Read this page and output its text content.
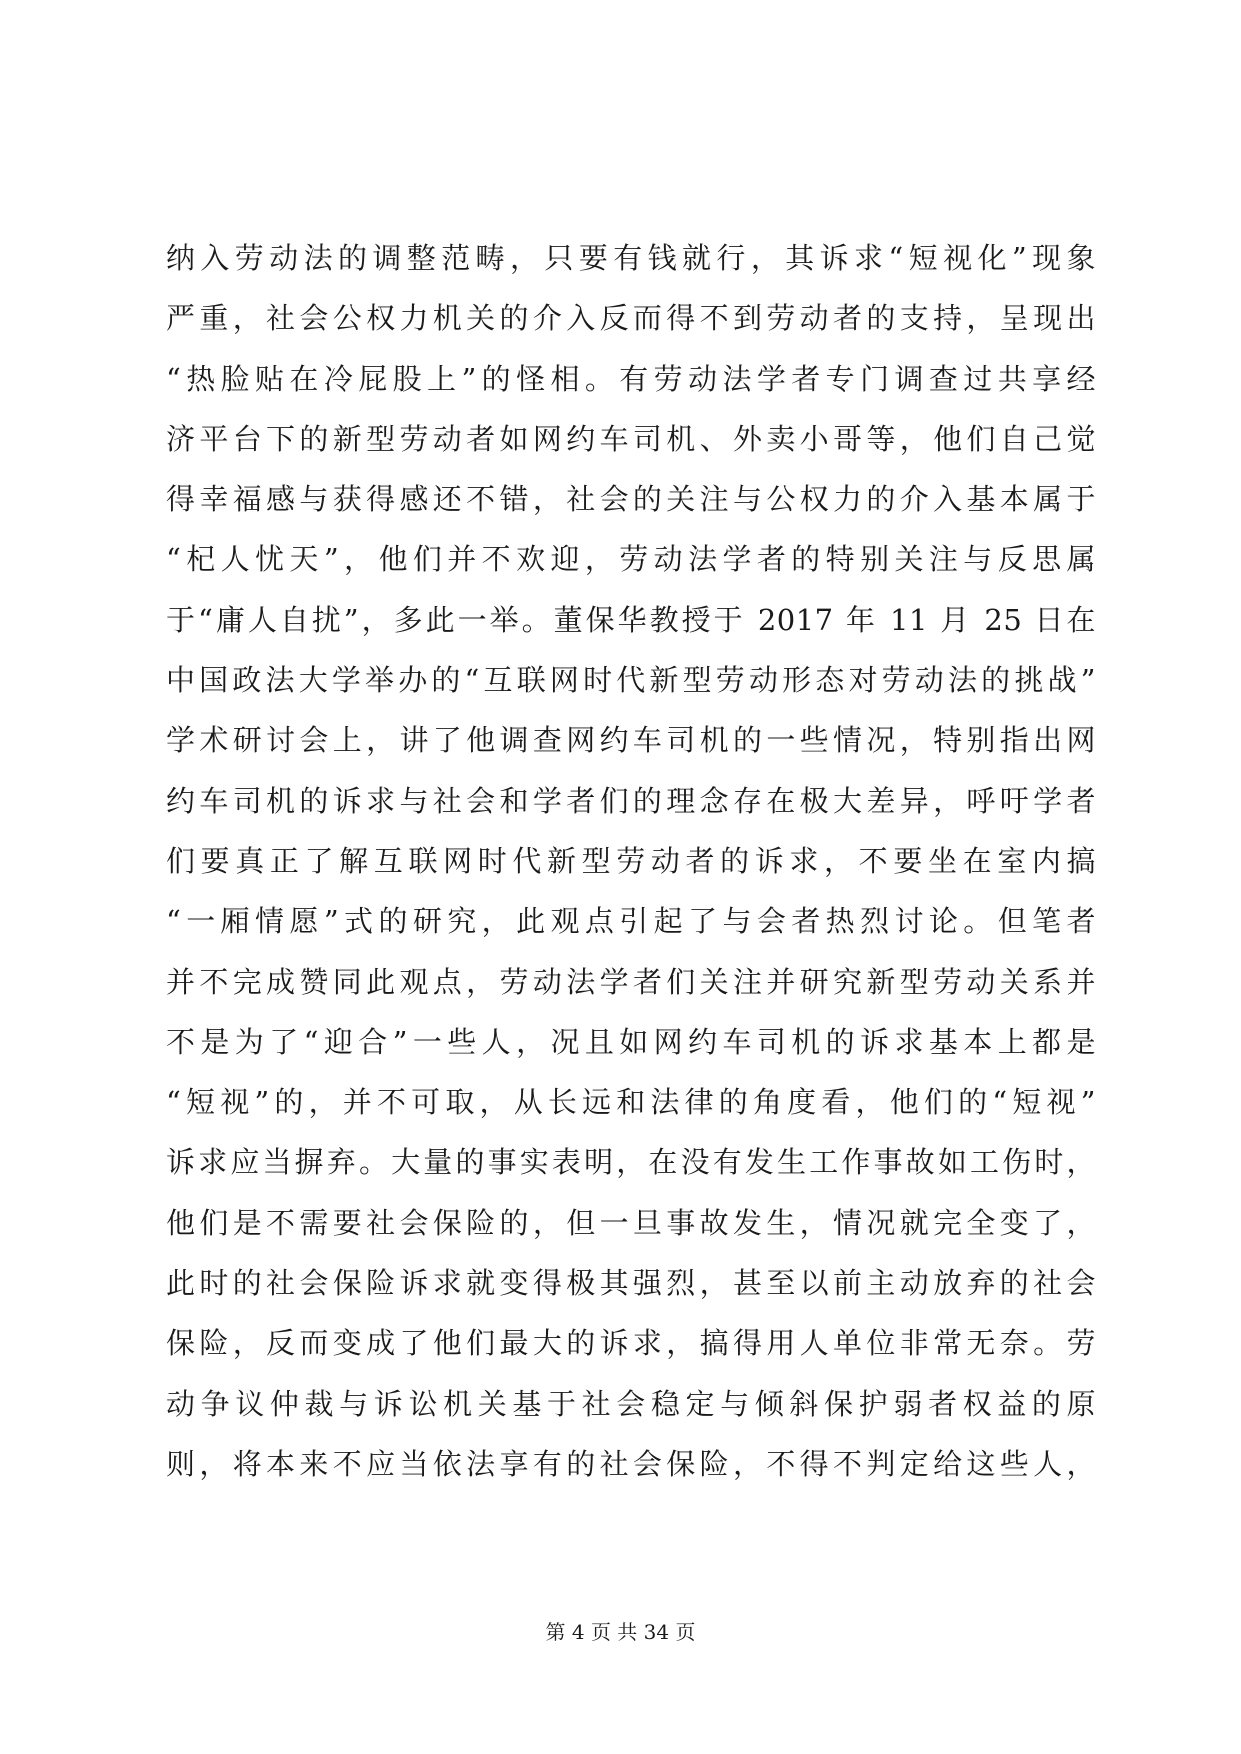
纳入劳动法的调整范畴，只要有钱就行，其诉求“短视化”现象
严重，社会公权力机关的介入反而得不到劳动者的支持，呈现出
“热脸贴在冷屁股上”的怪相。有劳动法学者专门调查过共享经
济平台下的新型劳动者如网约车司机、外卖小哥等，他们自己觉
得幸福感与获得感还不错，社会的关注与公权力的介入基本属于
“杞人忧天”，他们并不欢迎，劳动法学者的特别关注与反思属
于“庸人自扰”，多此一举。董保华教授于 2017 年 11 月 25 日在
中国政法大学举办的“互联网时代新型劳动形态对劳动法的挑战”
学术研讨会上，讲了他调查网约车司机的一些情况，特别指出网
约车司机的诉求与社会和学者们的理念存在极大差异，呼吁学者
们要真正了解互联网时代新型劳动者的诉求，不要坐在室内搞
“一厢情愿”式的研究，此观点引起了与会者热烈讨论。但笔者
并不完成赞同此观点，劳动法学者们关注并研究新型劳动关系并
不是为了“迎合”一些人，况且如网约车司机的诉求基本上都是
“短视”的，并不可取，从长远和法律的角度看，他们的“短视”
诉求应当摒弃。大量的事实表明，在没有发生工作事故如工伤时，
他们是不需要社会保险的，但一旦事故发生，情况就完全变了，
此时的社会保险诉求就变得极其强烈，甚至以前主动放弃的社会
保险，反而变成了他们最大的诉求，搞得用人单位非常无奈。劳
动争议仲裁与诉讼机关基于社会稳定与倾斜保护弱者权益的原
则，将本来不应当依法享有的社会保险，不得不判定给这些人，
第 4 页 共 34 页
